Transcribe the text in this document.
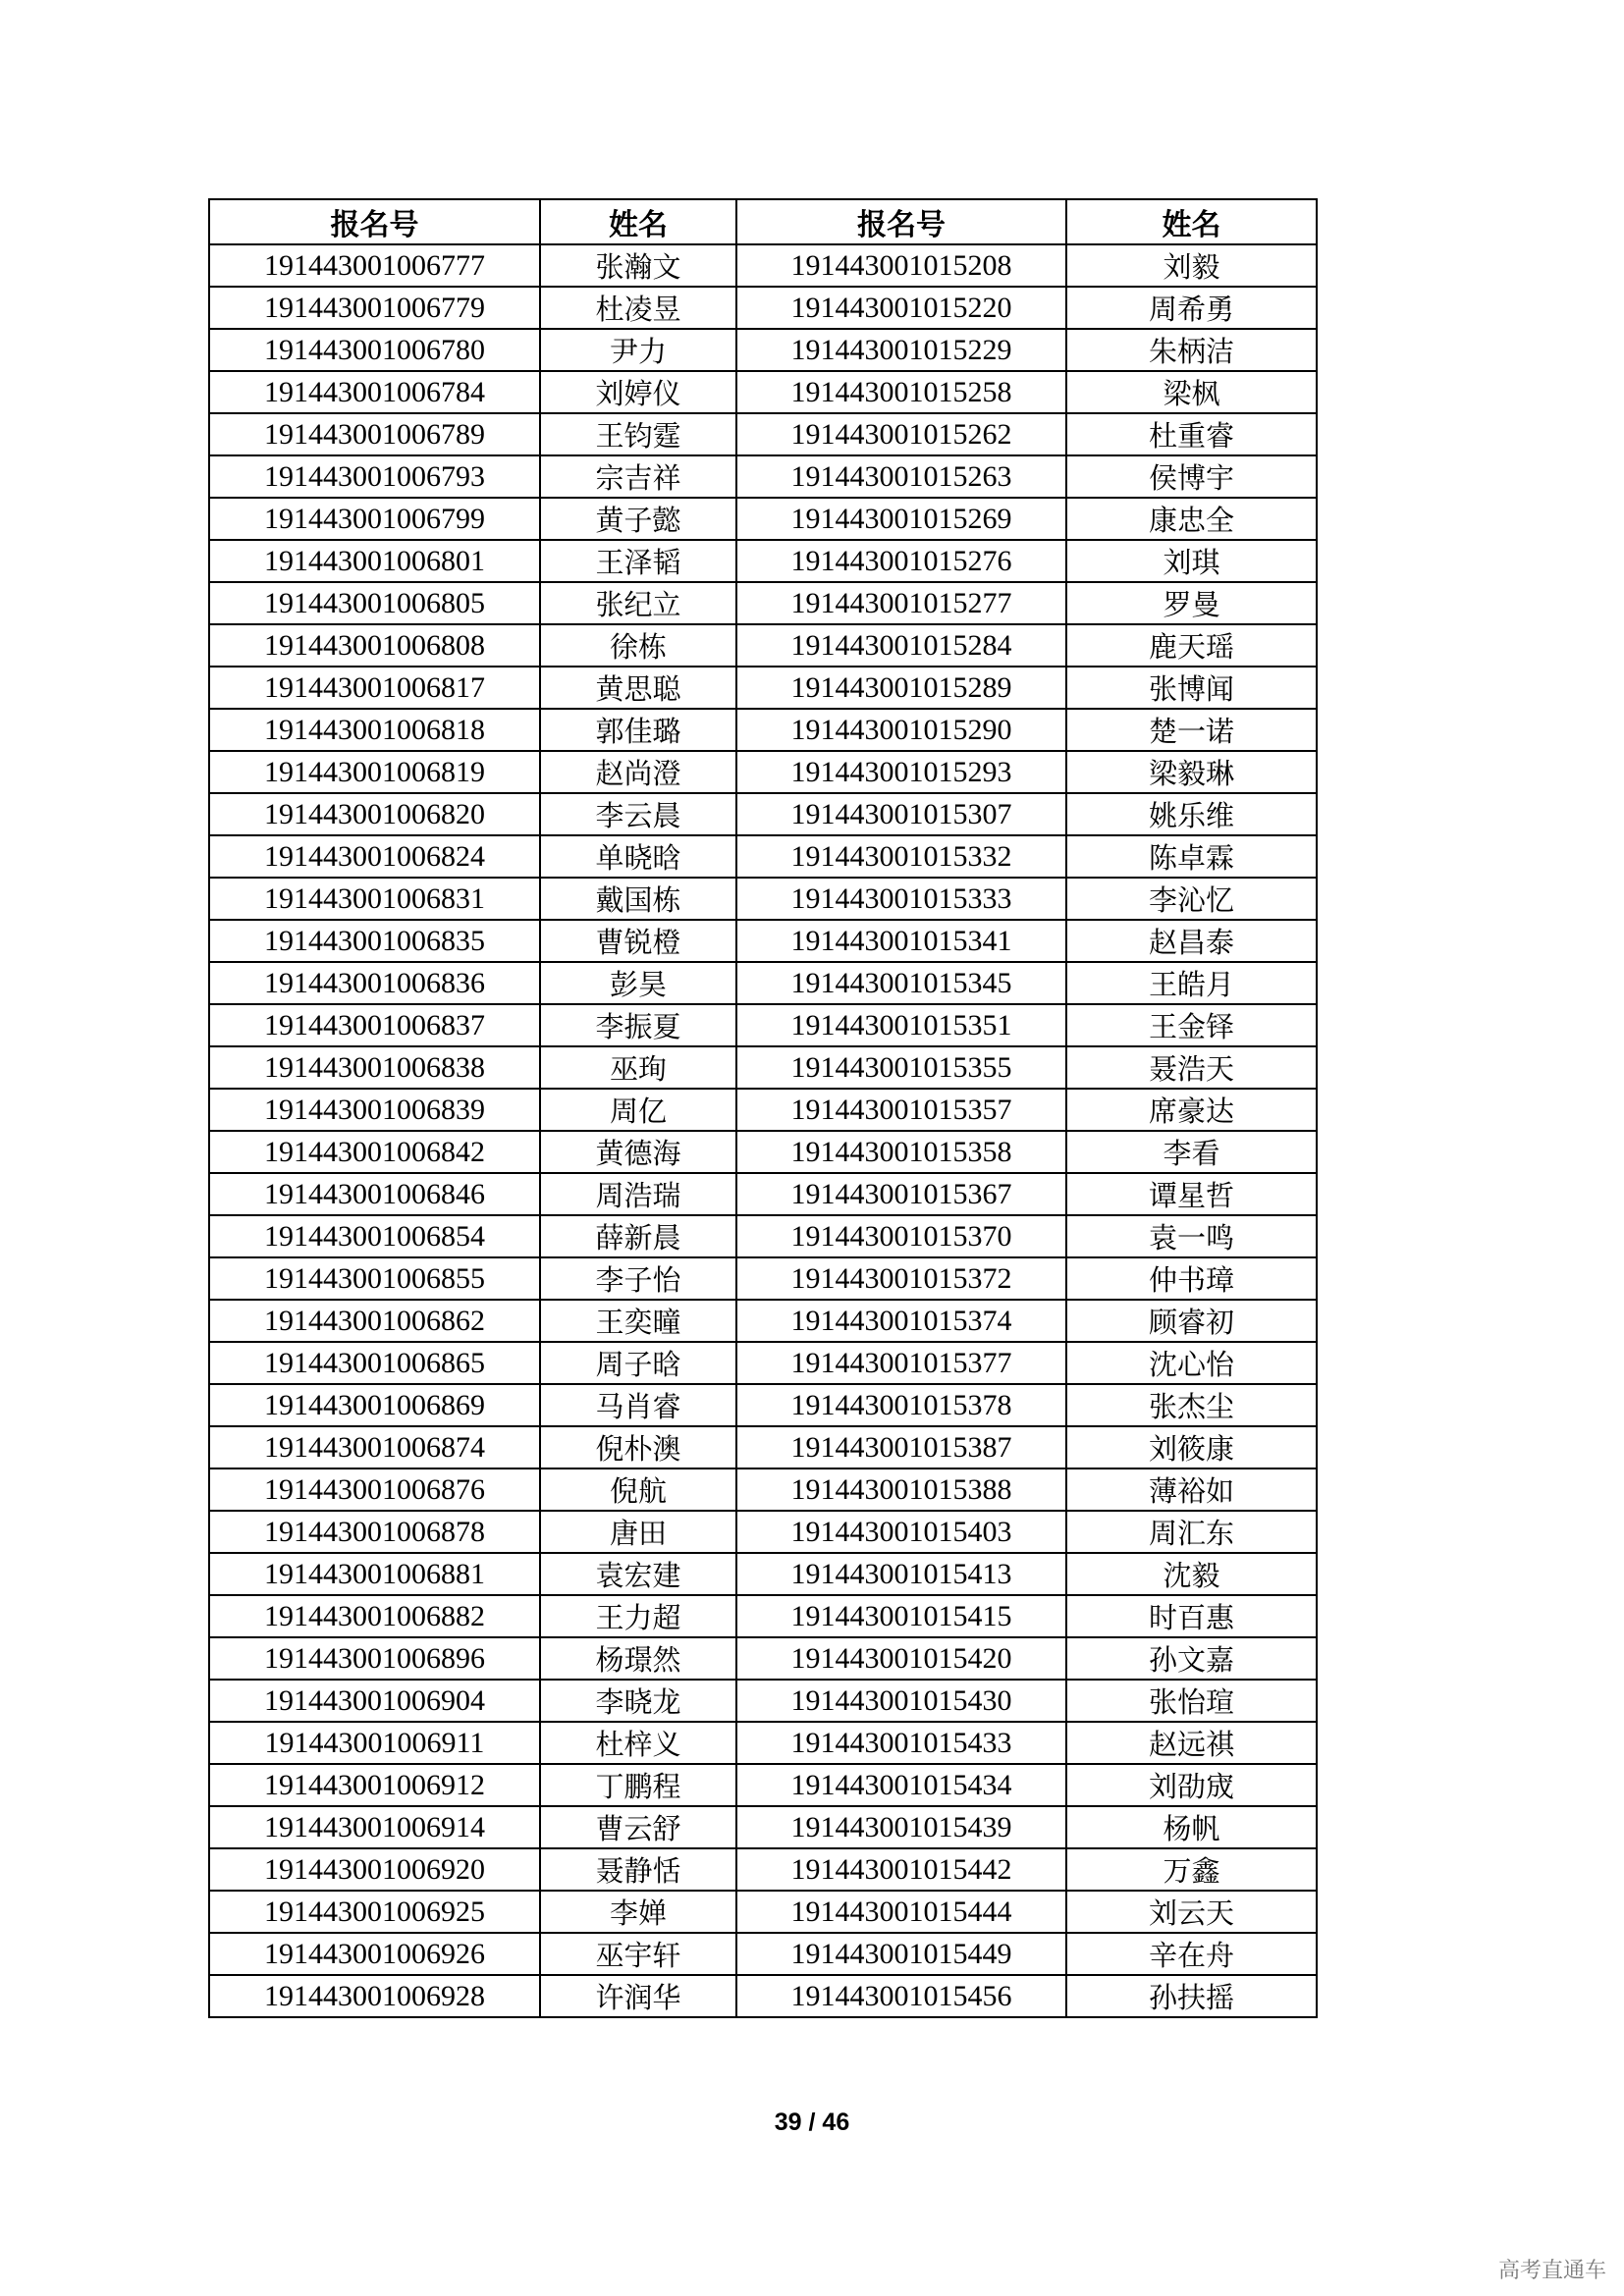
报名号	姓名	报名号	姓名
191443001006777	张瀚文	191443001015208	刘毅
191443001006779	杜凌昱	191443001015220	周希勇
191443001006780	尹力	191443001015229	朱柄洁
191443001006784	刘婷仪	191443001015258	梁枫
191443001006789	王钧霆	191443001015262	杜重睿
191443001006793	宗吉祥	191443001015263	侯博宇
191443001006799	黄子懿	191443001015269	康忠全
191443001006801	王泽韬	191443001015276	刘琪
191443001006805	张纪立	191443001015277	罗曼
191443001006808	徐栋	191443001015284	鹿天瑶
191443001006817	黄思聪	191443001015289	张博闻
191443001006818	郭佳璐	191443001015290	楚一诺
191443001006819	赵尚澄	191443001015293	梁毅琳
191443001006820	李云晨	191443001015307	姚乐维
191443001006824	单晓晗	191443001015332	陈卓霖
191443001006831	戴国栋	191443001015333	李沁忆
191443001006835	曹锐橙	191443001015341	赵昌泰
191443001006836	彭昊	191443001015345	王皓月
191443001006837	李振夏	191443001015351	王金铎
191443001006838	巫珣	191443001015355	聂浩天
191443001006839	周亿	191443001015357	席豪达
191443001006842	黄德海	191443001015358	李看
191443001006846	周浩瑞	191443001015367	谭星哲
191443001006854	薛新晨	191443001015370	袁一鸣
191443001006855	李子怡	191443001015372	仲书璋
191443001006862	王奕曈	191443001015374	顾睿初
191443001006865	周子晗	191443001015377	沈心怡
191443001006869	马肖睿	191443001015378	张杰尘
191443001006874	倪朴澳	191443001015387	刘筱康
191443001006876	倪航	191443001015388	薄裕如
191443001006878	唐田	191443001015403	周汇东
191443001006881	袁宏建	191443001015413	沈毅
191443001006882	王力超	191443001015415	时百惠
191443001006896	杨璟然	191443001015420	孙文嘉
191443001006904	李晓龙	191443001015430	张怡瑄
191443001006911	杜梓义	191443001015433	赵远祺
191443001006912	丁鹏程	191443001015434	刘劭宬
191443001006914	曹云舒	191443001015439	杨帆
191443001006920	聂静恬	191443001015442	万鑫
191443001006925	李婵	191443001015444	刘云天
191443001006926	巫宇轩	191443001015449	辛在舟
191443001006928	许润华	191443001015456	孙扶摇
39 / 46
高考直通车
